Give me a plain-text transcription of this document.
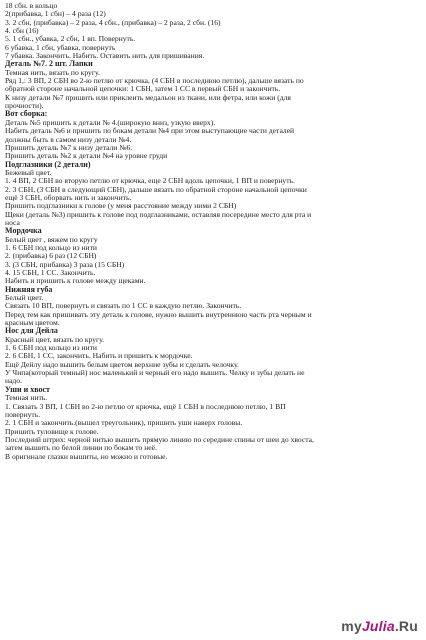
18 сбн. в кольцо
2(прибавка, 1 сбн) – 4 раза (12)
3. 2 сбн, (прибавка) – 2 раза, 4 сбн., (прибавка) – 2 раза, 2 сбн. (16)
4. сбн (16)
5. 1 сбн., убавка, 2 сбн, 1 вп. Повернуть.
6 убавка, 1 сбн, убавка, повернуть
7 убавка. Закончить. Набить. Оставить нить для пришивания.
Деталь №7. 2 шт. Лапки
Темная нить, вязать по кругу.
Ряд 1,: 3 ВП, 2 СБН во 2-ю петлю от крючка, (4 СБН в последнюю петлю), дальше вязать по
обратной стороне начальной цепочки: 1 СБН, затем 1 СС в первый СБН и закончить.
К низу детали №7 пришить или приклеить медальон из ткани, или фетра, или кожи (для
прочности).
Вот сборка:
Деталь №5 пришить к детали № 4.(широкую вниз, узкую вверх).
Набить деталь №6 и пришить по бокам детали №4 при этом выступающие части деталей
должны быть в самом низу детали №4.
Пришить деталь №7 к низу детали №6.
Пришить деталь №2 к детали №4 на уровне груди
Подглазники (2 детали)
Бежевый цвет.
1. 4 ВП, 2 СБН во вторую петлю от крючка, еще 2 СБН вдоль цепочки, 1 ВП и повернуть.
2. 3 СБН, (3 СБН в следующий СБН), дальше вязать по обратной стороне начальной цепочки
ещё 3 СБН, оборвать нить и закончить.
Пришить подглазники к голове (у меня расстояние между ними 2 СБН)
Щеки (деталь №3) пришить к голове под подглазниками, оставляя посередине место для рта и
носа
Мордочка
Белый цвет , вяжем по кругу
1. 6 СБН под кольцо из нити
2. (прибавка) 6 раз (12 СБН)
3. (3 СБН, прибавка) 3 раза (15 СБН)
4. 15 СБН, 1 СС. Закончить.
Набить и пришить к голове между щеками.
Нижняя губа
Белый цвет.
Связать 10 ВП, повернуть и связать по 1 СС в каждую петлю. Закончить.
Перед тем как пришивать эту деталь к голове, нужно вышить внутреннюю часть рта черным и
красным цветом.
Нос для Дейла
Красный цвет, вязать по кругу.
1. 6 СБН под кольцо из нити
2. 6 СБН, 1 СС, закончить. Набить и пришить к мордочке.
Ещё Дейлу надо вышить белым цветом верхние зубы и сделать челочку.
У Чипа(который темный) нос маленький и черный его надо вышить. Челку и зубы делать не
надо.
Уши и хвост
Темная нить.
1. Связать 3 ВП, 1 СБН во 2-ю петлю от крючка, ещё 1 СБН в последнюю петлю, 1 ВП
повернуть.
2. 1 СБН и закончить.(вышел треугольник), пришить уши наверх головы.
Пришить туловище к голове.
Последний штрих: черной нитью вышить прямую линию по середине спины от шеи до хвоста,
затем вышить по белой линии по бокам то неё.
В оригинале глазки вышиты, но можно и готовые.
myJulia.Ru
